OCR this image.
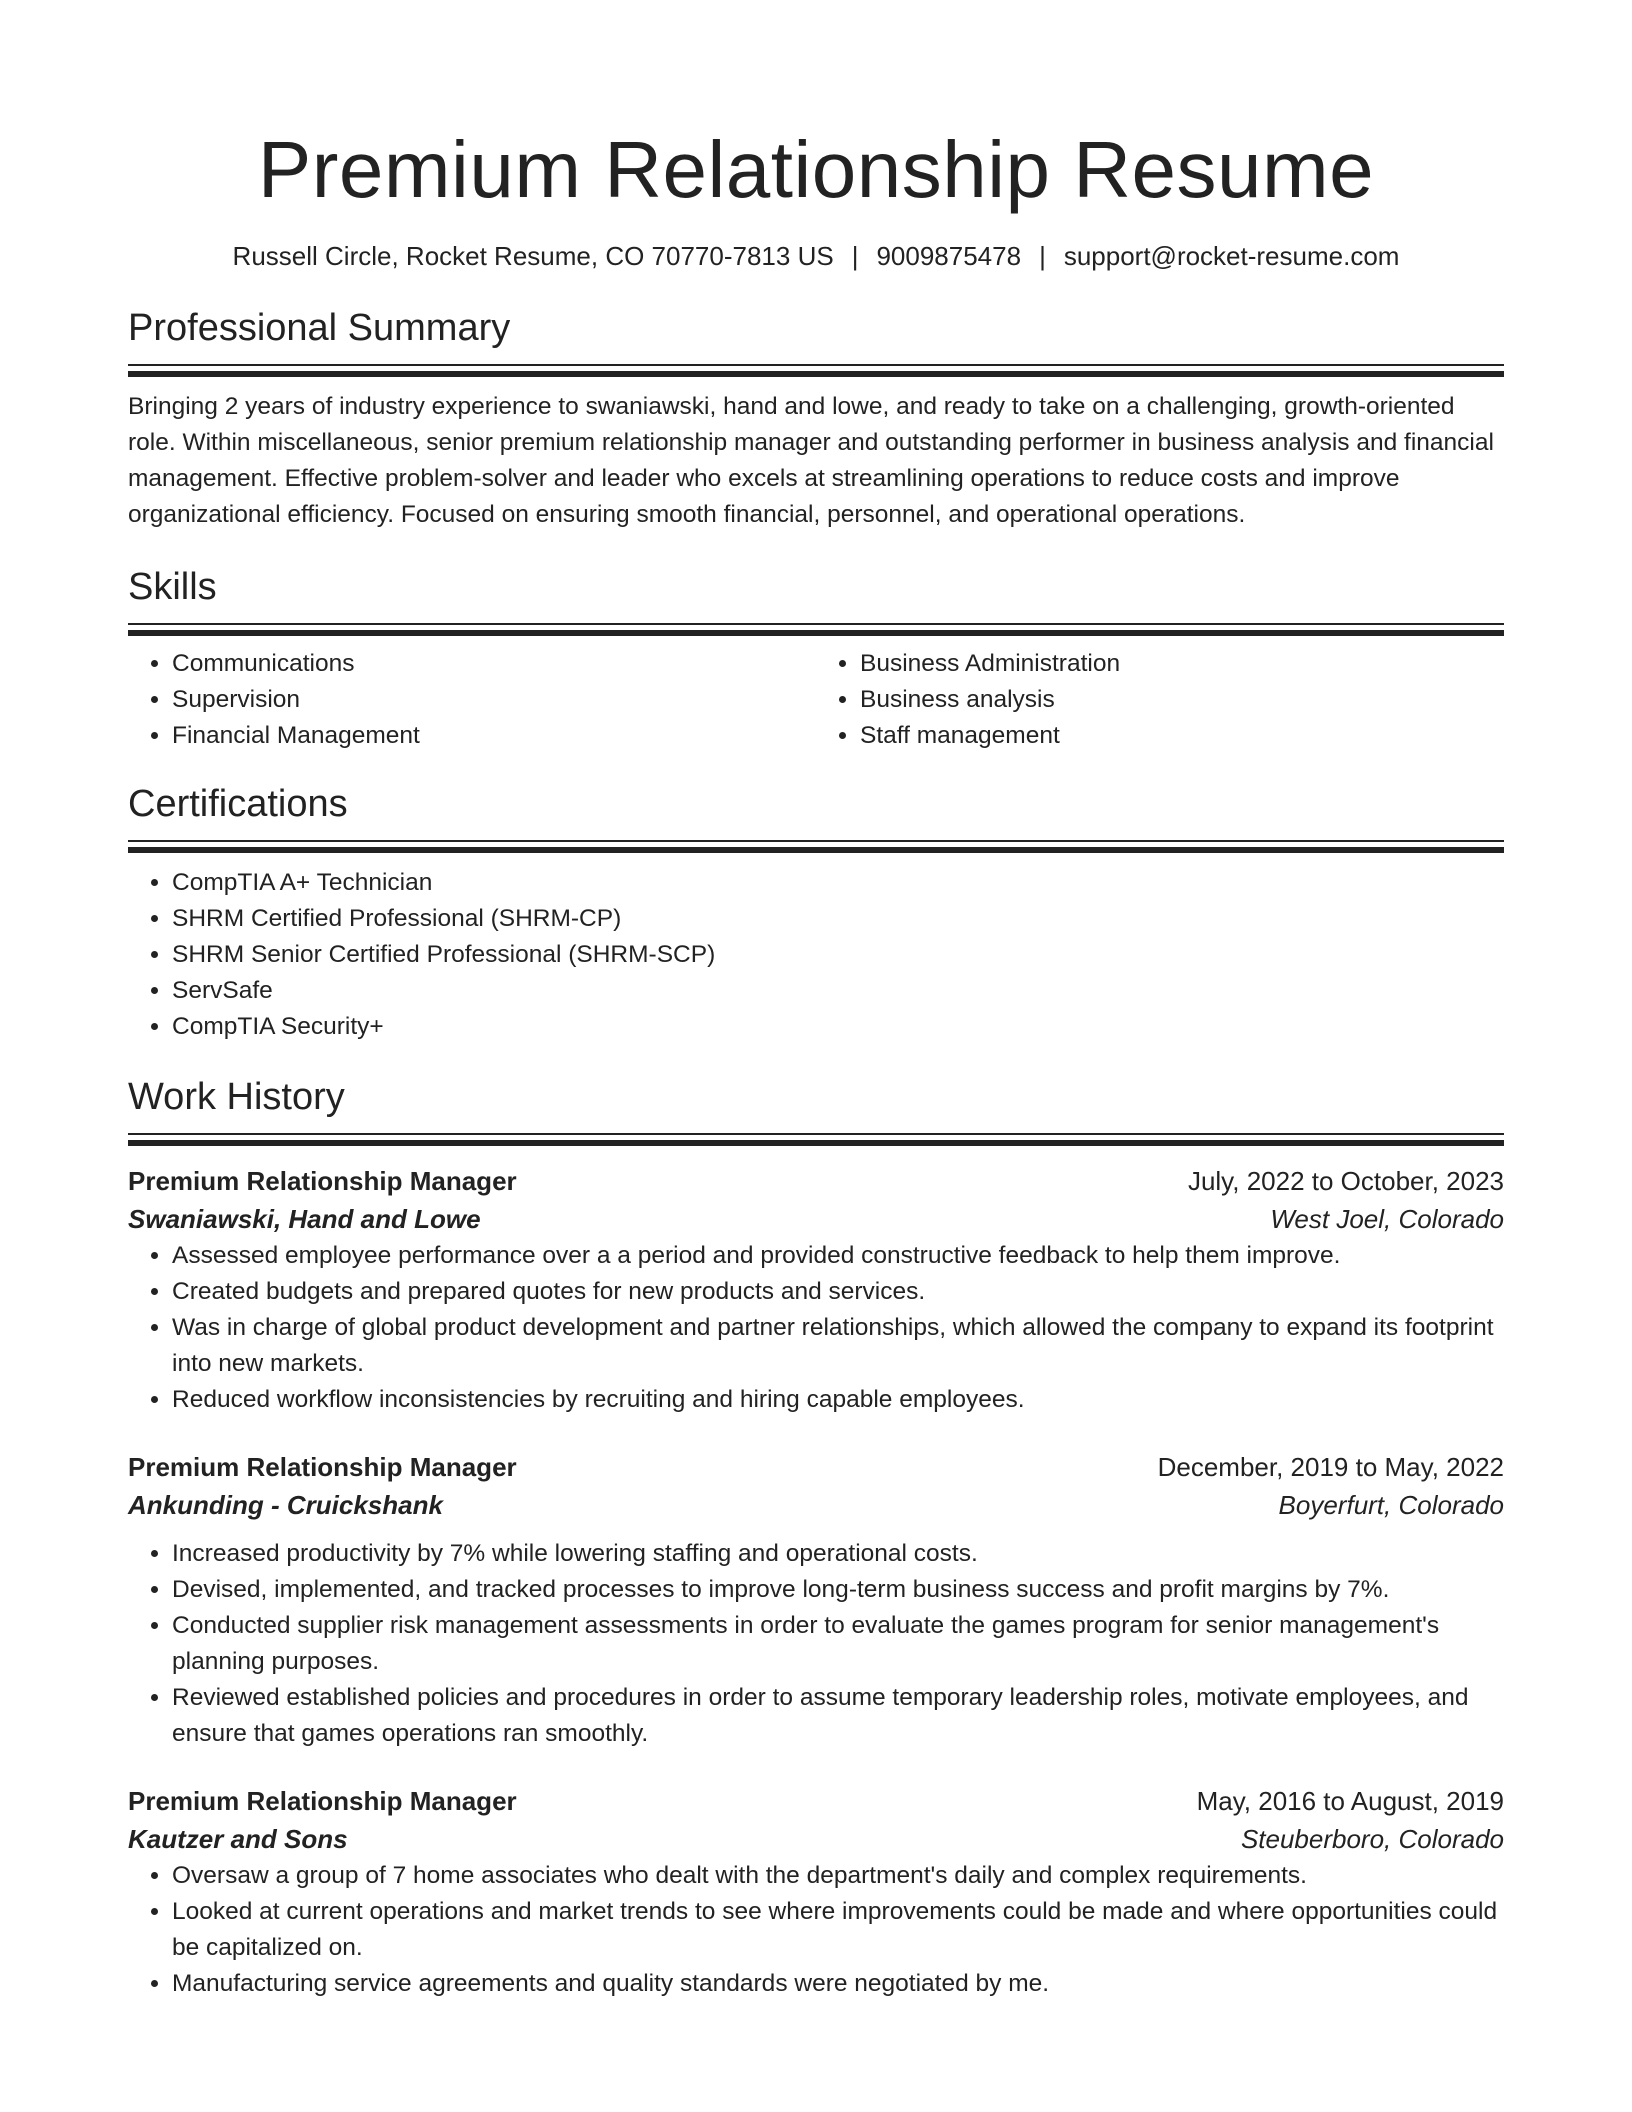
Premium Relationship Resume
Russell Circle, Rocket Resume, CO 70770-7813 US | 9009875478 | support@rocket-resume.com
Professional Summary

Bringing 2 years of industry experience to swaniawski, hand and lowe, and ready to take on a challenging, growth-oriented role. Within miscellaneous, senior premium relationship manager and outstanding performer in business analysis and financial management. Effective problem-solver and leader who excels at streamlining operations to reduce costs and improve organizational efficiency. Focused on ensuring smooth financial, personnel, and operational operations.

Skills
• Communications
• Supervision
• Financial Management
• Business Administration
• Business analysis
• Staff management
Certifications
• CompTIA A+ Technician
• SHRM Certified Professional (SHRM-CP)
• SHRM Senior Certified Professional (SHRM-SCP)
• ServSafe
• CompTIA Security+
Work History
Premium Relationship Manager	July, 2022 to October, 2023
Swaniawski, Hand and Lowe	West Joel, Colorado
• Assessed employee performance over a a period and provided constructive feedback to help them improve.
• Created budgets and prepared quotes for new products and services.
• Was in charge of global product development and partner relationships, which allowed the company to expand its footprint into new markets.
• Reduced workflow inconsistencies by recruiting and hiring capable employees.
Premium Relationship Manager	December, 2019 to May, 2022
Ankunding - Cruickshank	Boyerfurt, Colorado
• Increased productivity by 7% while lowering staffing and operational costs.
• Devised, implemented, and tracked processes to improve long-term business success and profit margins by 7%.
• Conducted supplier risk management assessments in order to evaluate the games program for senior management's planning purposes.
• Reviewed established policies and procedures in order to assume temporary leadership roles, motivate employees, and ensure that games operations ran smoothly.
Premium Relationship Manager	May, 2016 to August, 2019
Kautzer and Sons	Steuberboro, Colorado
• Oversaw a group of 7 home associates who dealt with the department's daily and complex requirements.
• Looked at current operations and market trends to see where improvements could be made and where opportunities could be capitalized on.
• Manufacturing service agreements and quality standards were negotiated by me.
